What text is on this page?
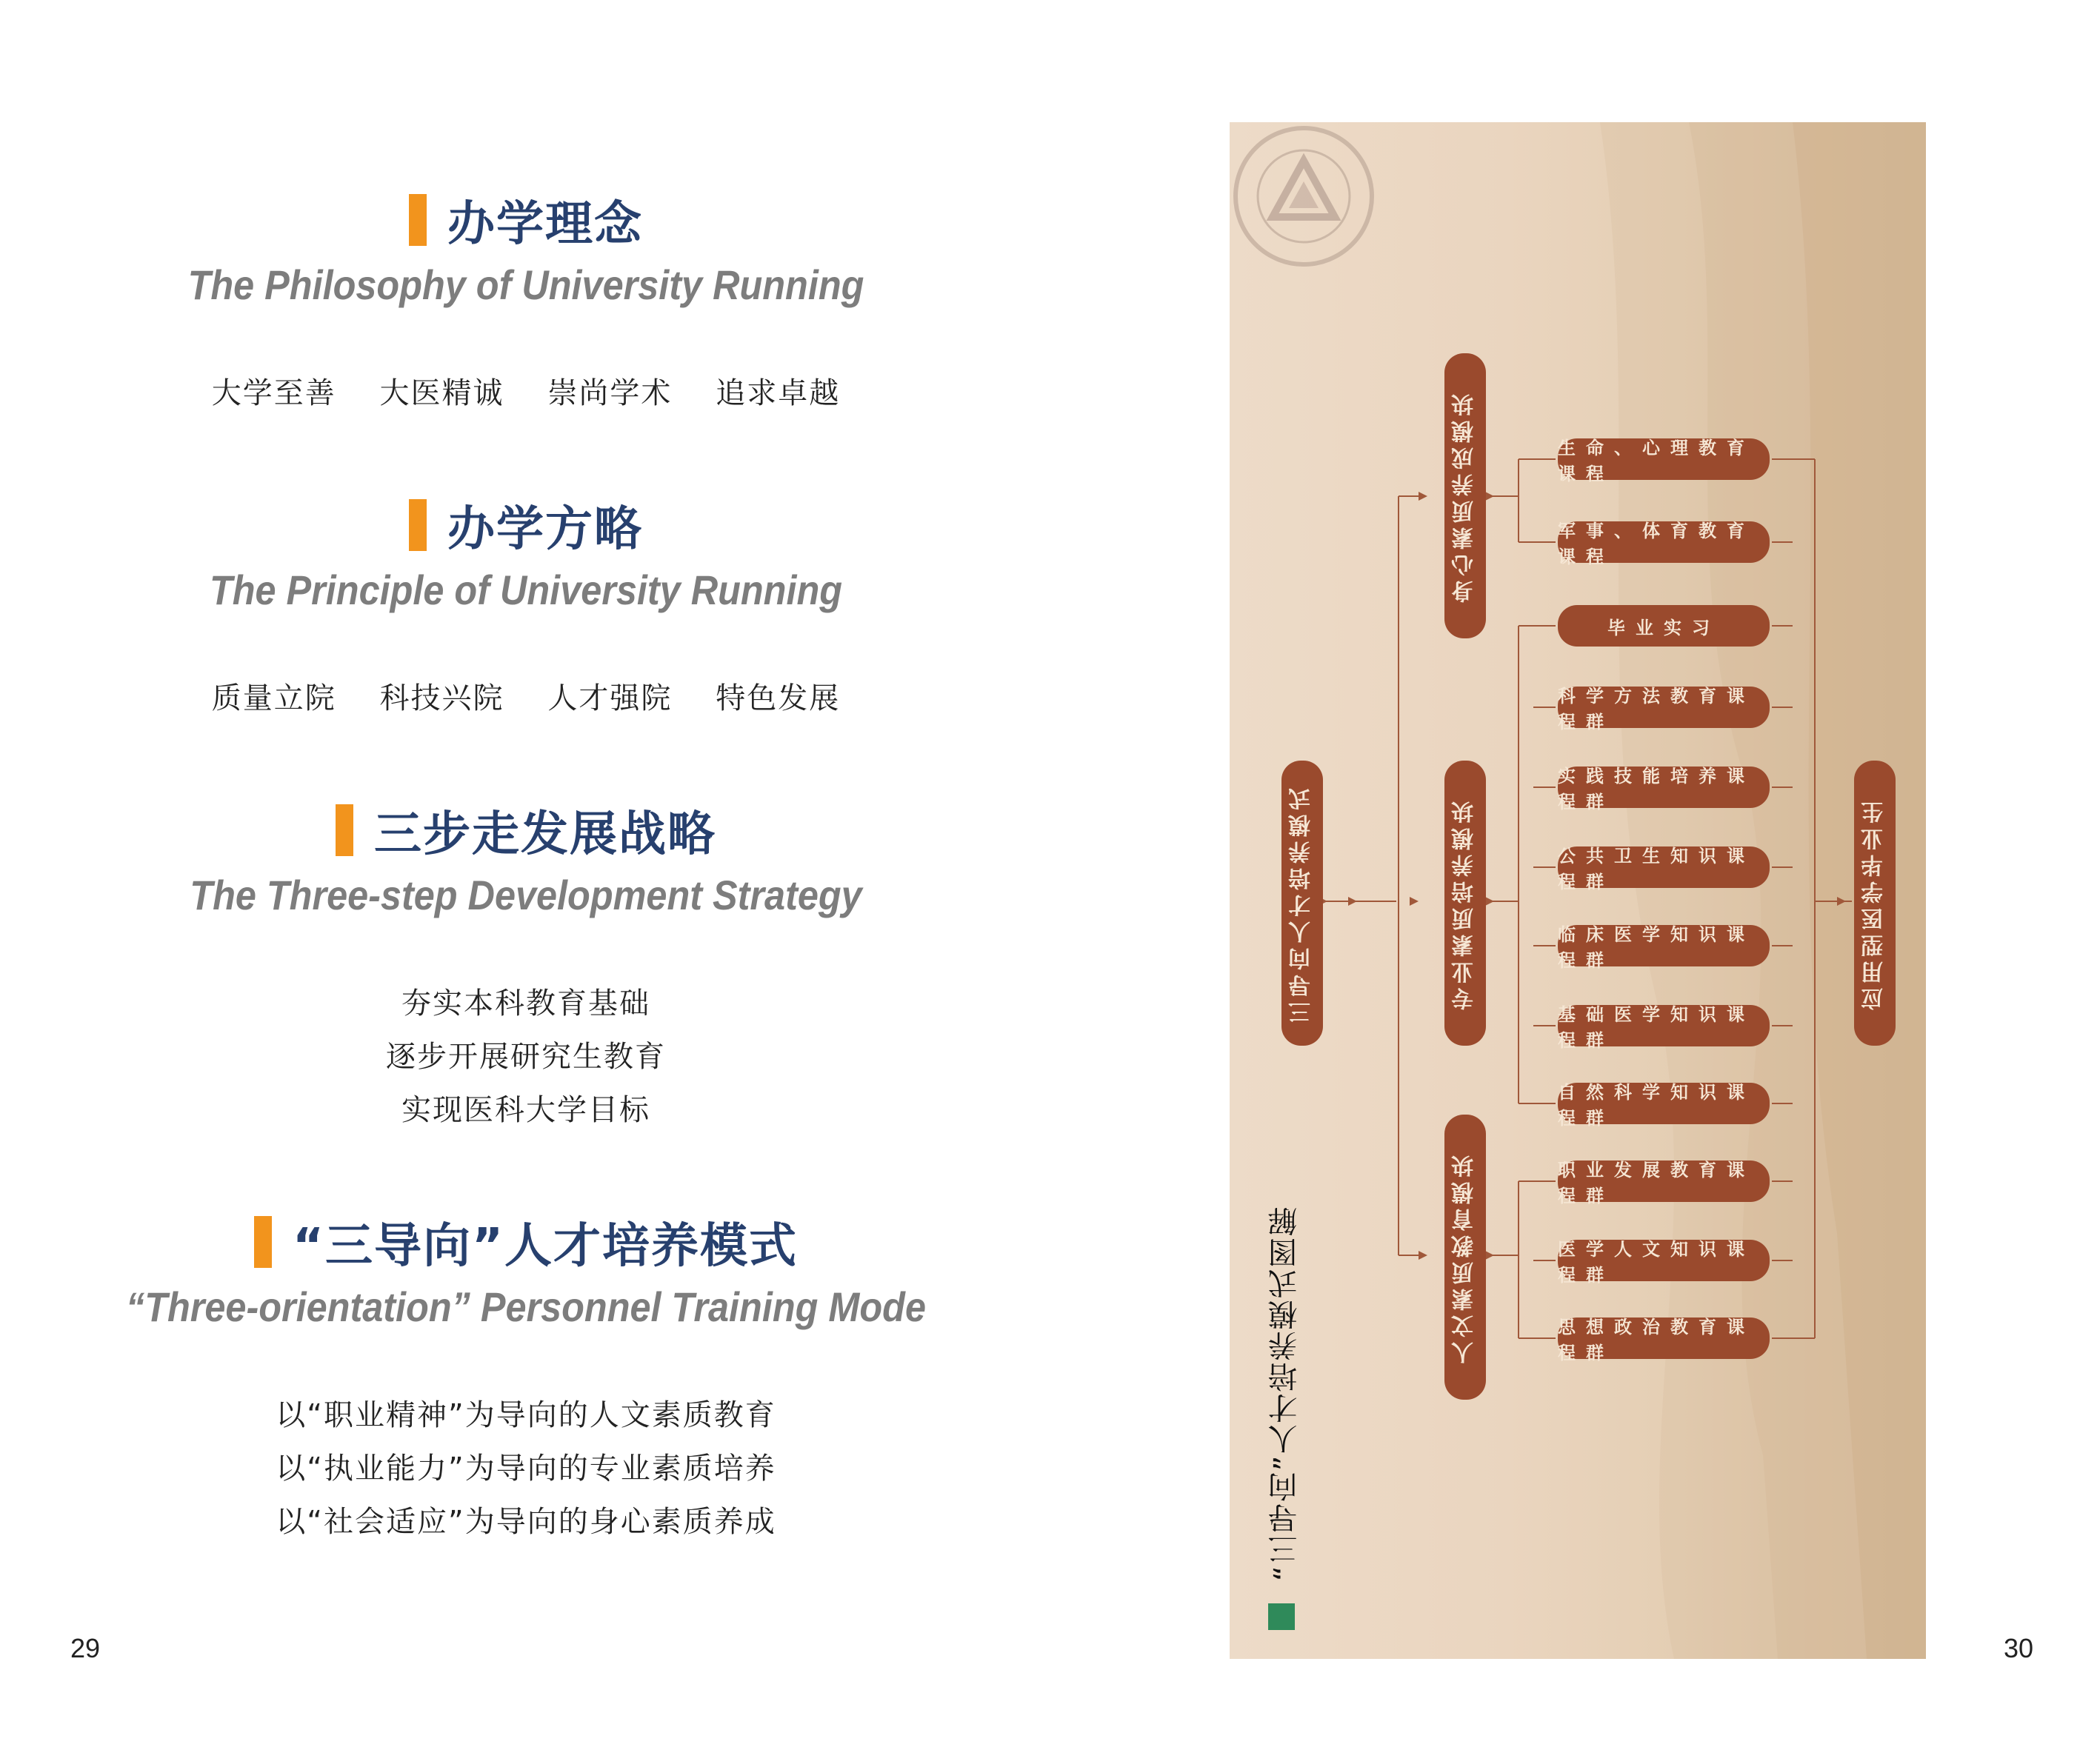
办学理念
The Philosophy of University Running
大学至善    大医精诚    崇尚学术    追求卓越
办学方略
The Principle of University Running
质量立院    科技兴院    人才强院    特色发展
三步走发展战略
The Three-step Development Strategy
夯实本科教育基础
逐步开展研究生教育
实现医科大学目标
“三导向”人才培养模式
“Three-orientation” Personnel Training Mode
以“职业精神”为导向的人文素质教育
以“执业能力”为导向的专业素质培养
以“社会适应”为导向的身心素质养成
29	30
三导向人才培养模式
身心素质养成模块
专业素质培养模块
人文素质教育模块
生命、心理教育课程
军事、体育教育课程
毕业实习
科学方法教育课程群
实践技能培养课程群
公共卫生知识课程群
临床医学知识课程群
基础医学知识课程群
自然科学知识课程群
职业发展教育课程群
医学人文知识课程群
思想政治教育课程群
应用型医学毕业生
“三导向”人才培养模式图解
